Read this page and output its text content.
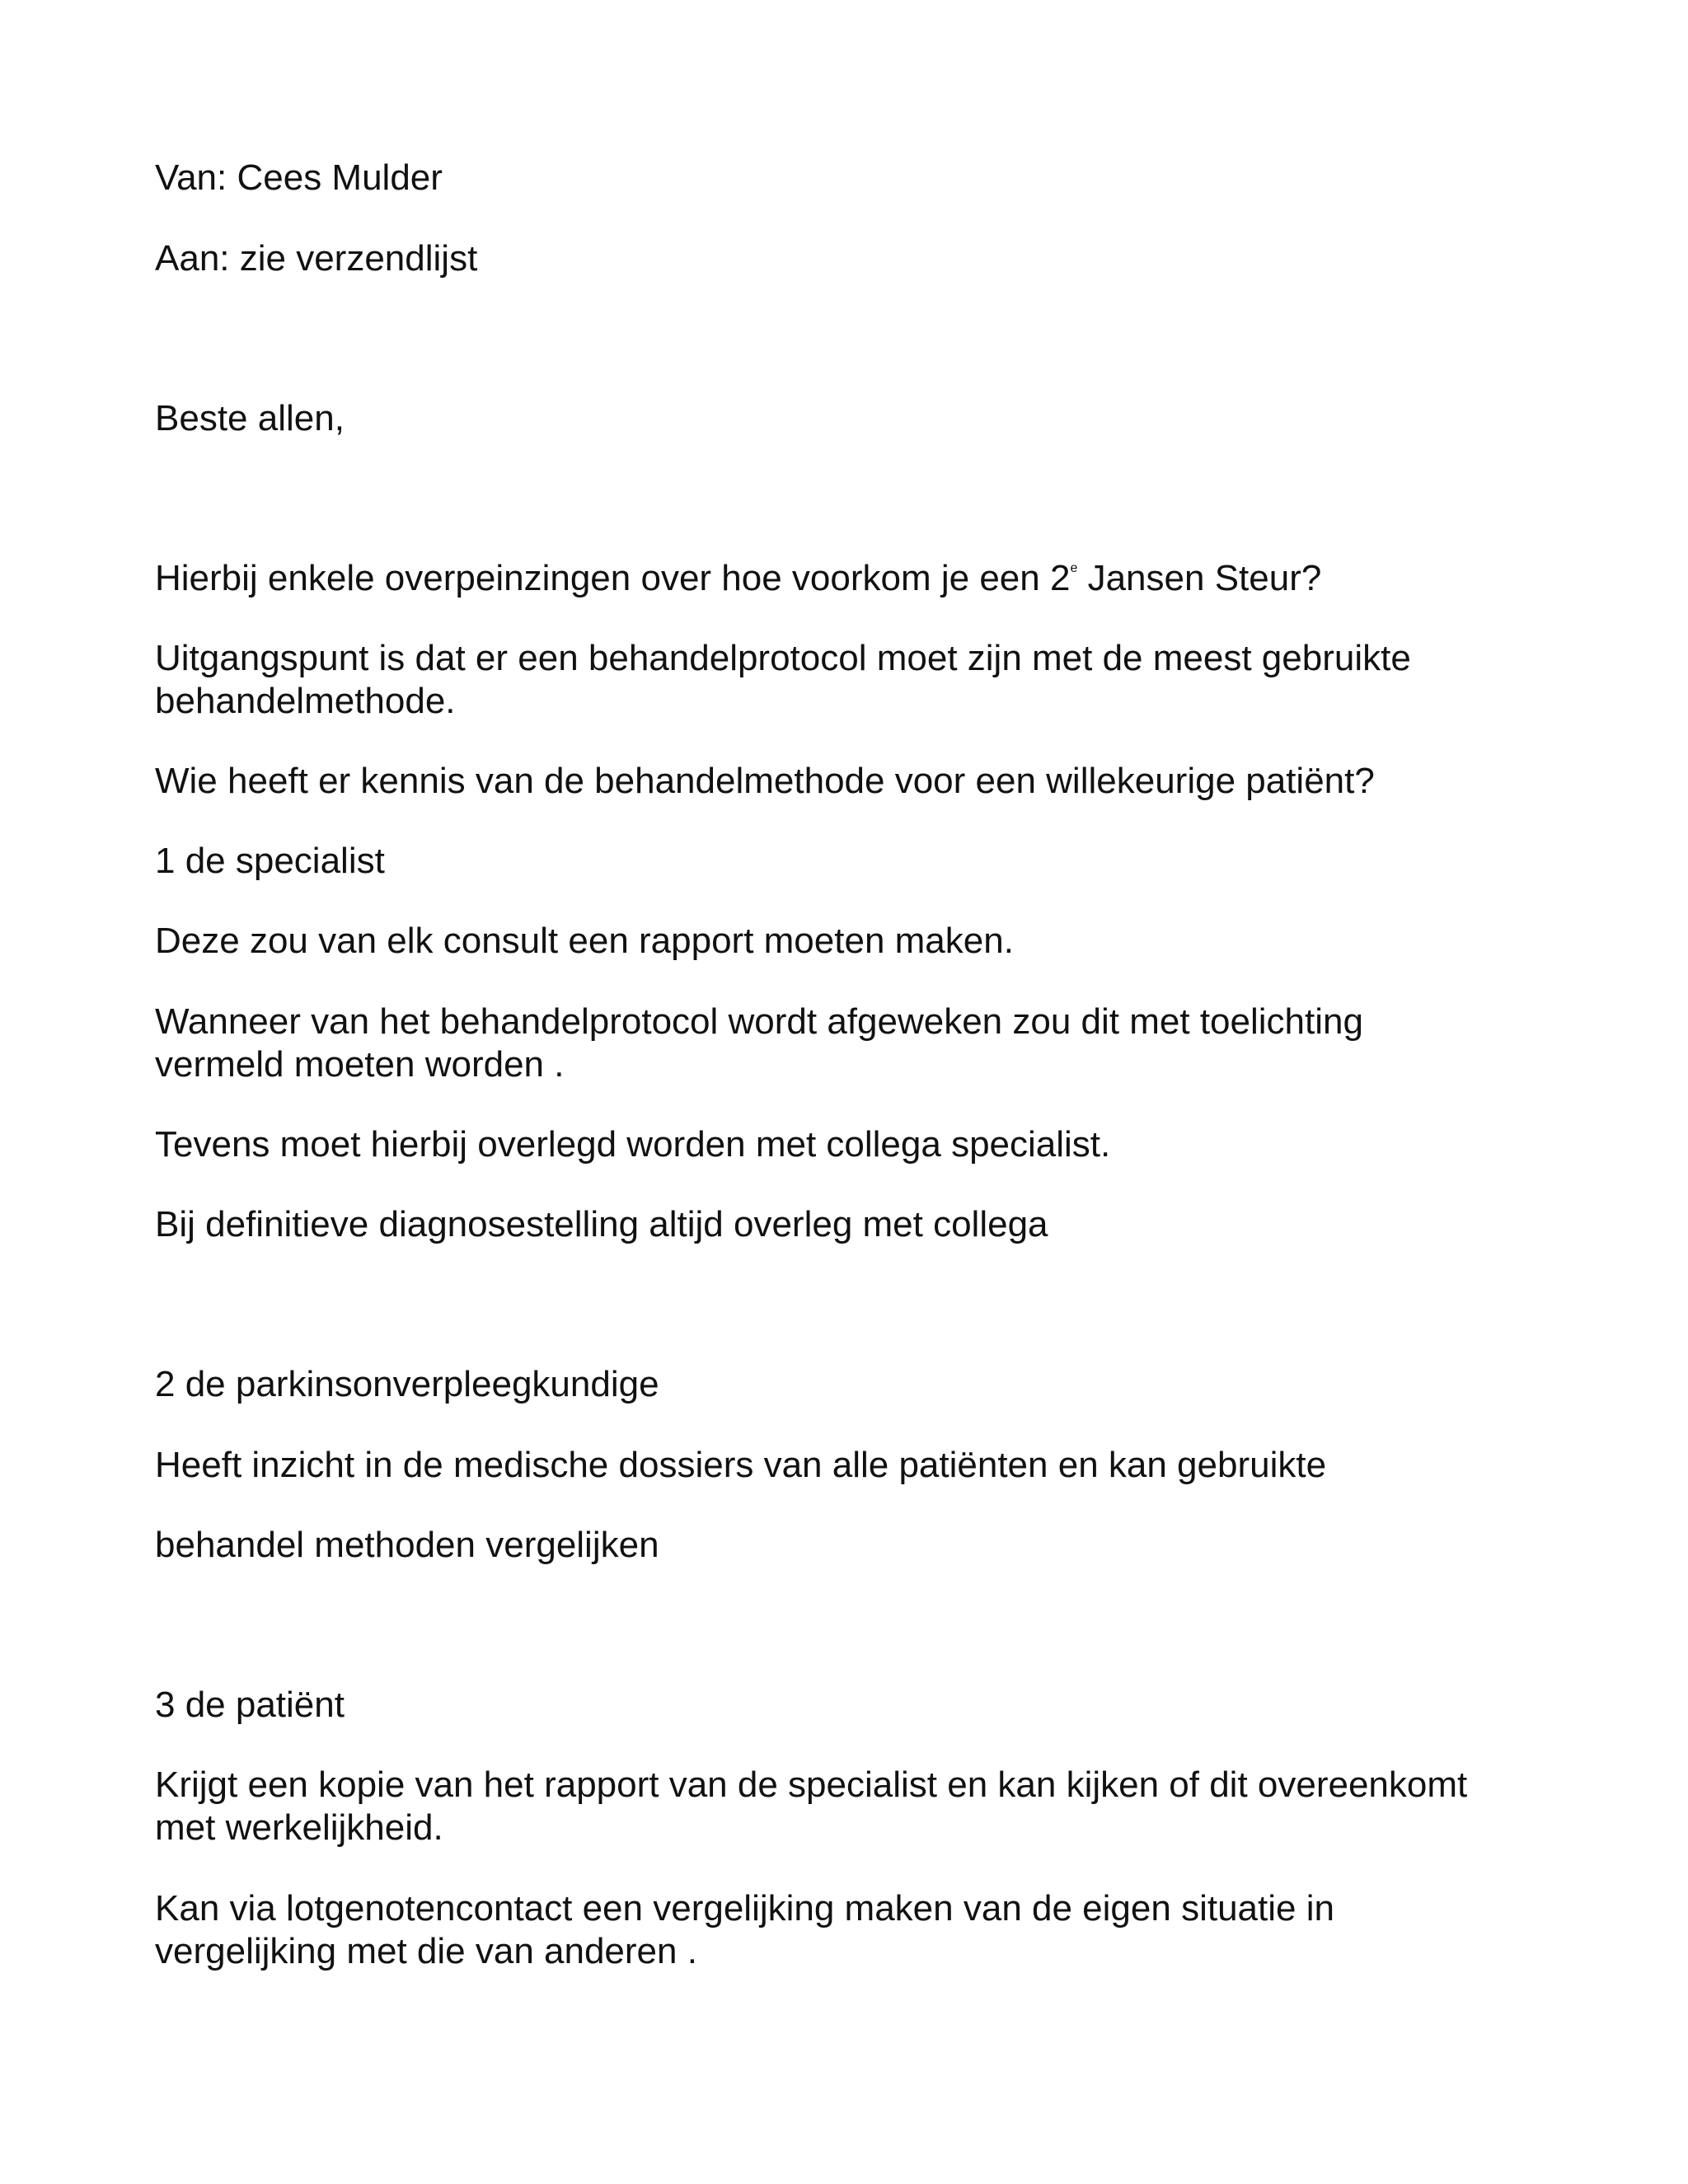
Van: Cees Mulder

Aan: zie verzendlijst

Beste allen,

Hierbij enkele overpeinzingen over hoe voorkom je een 2e Jansen Steur?

Uitgangspunt is dat er een behandelprotocol moet zijn met de meest gebruikte

behandelmethode.

Wie heeft er kennis van de behandelmethode voor een willekeurige patiënt?

1 de specialist

Deze zou van elk consult een rapport moeten maken.

Wanneer van het behandelprotocol wordt afgeweken zou dit met toelichting

vermeld moeten worden .

Tevens moet hierbij overlegd worden met collega specialist.

Bij definitieve diagnosestelling altijd overleg met collega

2 de parkinsonverpleegkundige

Heeft inzicht in de medische dossiers van alle patiënten en kan gebruikte

behandel methoden vergelijken

3 de patiënt

Krijgt een kopie van het rapport van de specialist en kan kijken of dit overeenkomt

met werkelijkheid.

Kan via lotgenotencontact een vergelijking maken van de eigen situatie in

vergelijking met die van anderen .
